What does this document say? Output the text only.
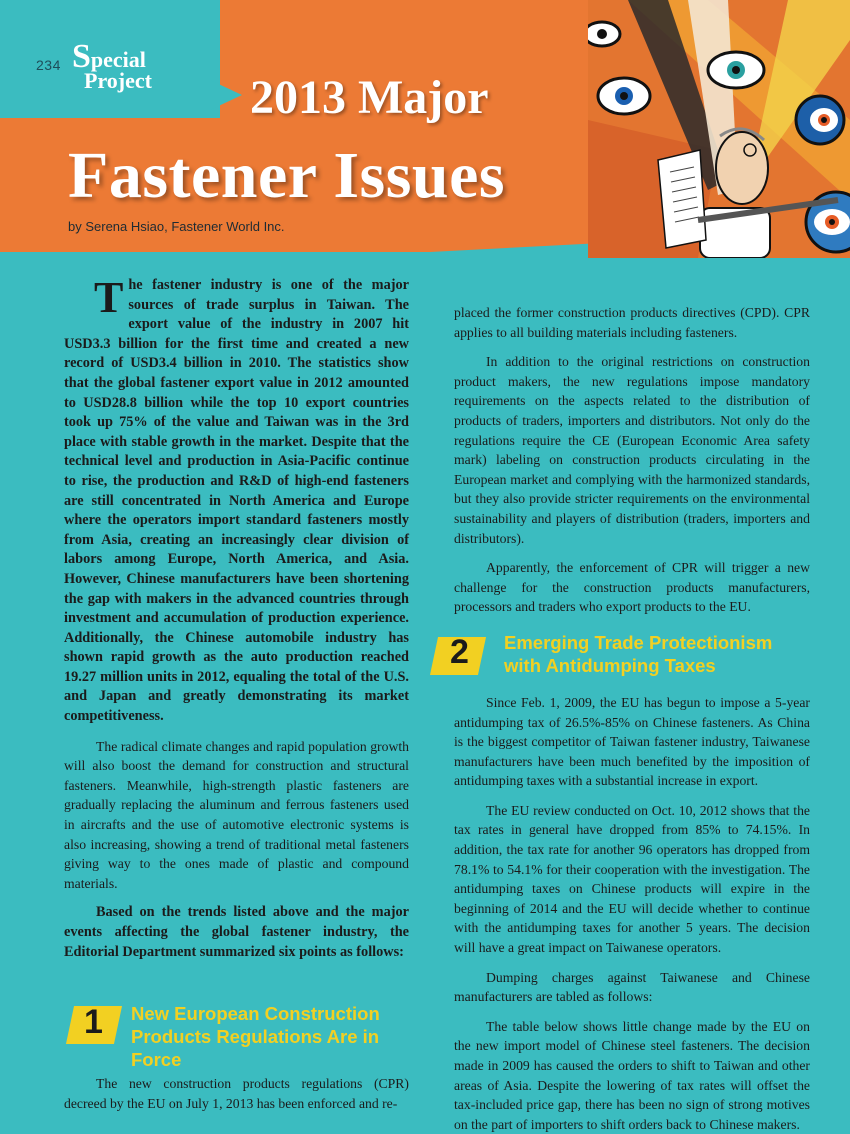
234 Special
Project 2013 Major
Fastener Issues
by Serena Hsiao, Fastener World Inc.

The fastener industry is one of the major sources of trade surplus in Taiwan. The export value of the industry in 2007 hit USD3.3 billion for the first time and created a new record of USD3.4 billion in 2010. The statistics show that the global fastener export value in 2012 amounted to USD28.8 billion while the top 10 export countries took up 75% of the value and Taiwan was in the 3rd place with stable growth in the market. Despite that the technical level and production in Asia-Pacific continue to rise, the production and R&D of high-end fasteners are still concentrated in North America and Europe where the operators import standard fasteners mostly from Asia, creating an increasingly clear division of labors among Europe, North America, and Asia. However, Chinese manufacturers have been shortening the gap with makers in the advanced countries through investment and accumulation of production experience. Additionally, the Chinese automobile industry has shown rapid growth as the auto production reached 19.27 million units in 2012, equaling the total of the U.S. and Japan and greatly demonstrating its market competitiveness.

The radical climate changes and rapid population growth will also boost the demand for construction and structural fasteners. Meanwhile, high-strength plastic fasteners are gradually replacing the aluminum and ferrous fasteners used in aircrafts and the use of automotive electronic systems is also increasing, showing a trend of traditional metal fasteners giving way to the ones made of plastic and compound materials.

Based on the trends listed above and the major events affecting the global fastener industry, the Editorial Department summarized six points as follows:

1 New European Construction
Products Regulations Are in
Force

The new construction products regulations (CPR) decreed by the EU on July 1, 2013 has been enforced and re-

placed the former construction products directives (CPD). CPR applies to all building materials including fasteners.

In addition to the original restrictions on construction product makers, the new regulations impose mandatory requirements on the aspects related to the distribution of products of traders, importers and distributors. Not only do the regulations require the CE (European Economic Area safety mark) labeling on construction products circulating in the European market and complying with the harmonized standards, but they also provide stricter requirements on the environmental sustainability and players of distribution (traders, importers and distributors).

Apparently, the enforcement of CPR will trigger a new challenge for the construction products manufacturers, processors and traders who export products to the EU.

2 Emerging Trade Protectionism
with Antidumping Taxes

Since Feb. 1, 2009, the EU has begun to impose a 5-year antidumping tax of 26.5%-85% on Chinese fasteners. As China is the biggest competitor of Taiwan fastener industry, Taiwanese manufacturers have been much benefited by the imposition of antidumping taxes with a substantial increase in export.

The EU review conducted on Oct. 10, 2012 shows that the tax rates in general have dropped from 85% to 74.15%. In addition, the tax rate for another 96 operators has dropped from 78.1% to 54.1% for their cooperation with the investigation. The antidumping taxes on Chinese products will expire in the beginning of 2014 and the EU will decide whether to continue with the antidumping taxes for another 5 years. The decision will have a great impact on Taiwanese operators.

Dumping charges against Taiwanese and Chinese manufacturers are tabled as follows:

The table below shows little change made by the EU on the new import model of Chinese steel fasteners. The decision made in 2009 has caused the orders to shift to Taiwan and other areas of Asia. Despite the lowering of tax rates will offset the tax-included price gap, there has been no sign of strong motives on the part of importers to shift orders back to Chinese makers.
